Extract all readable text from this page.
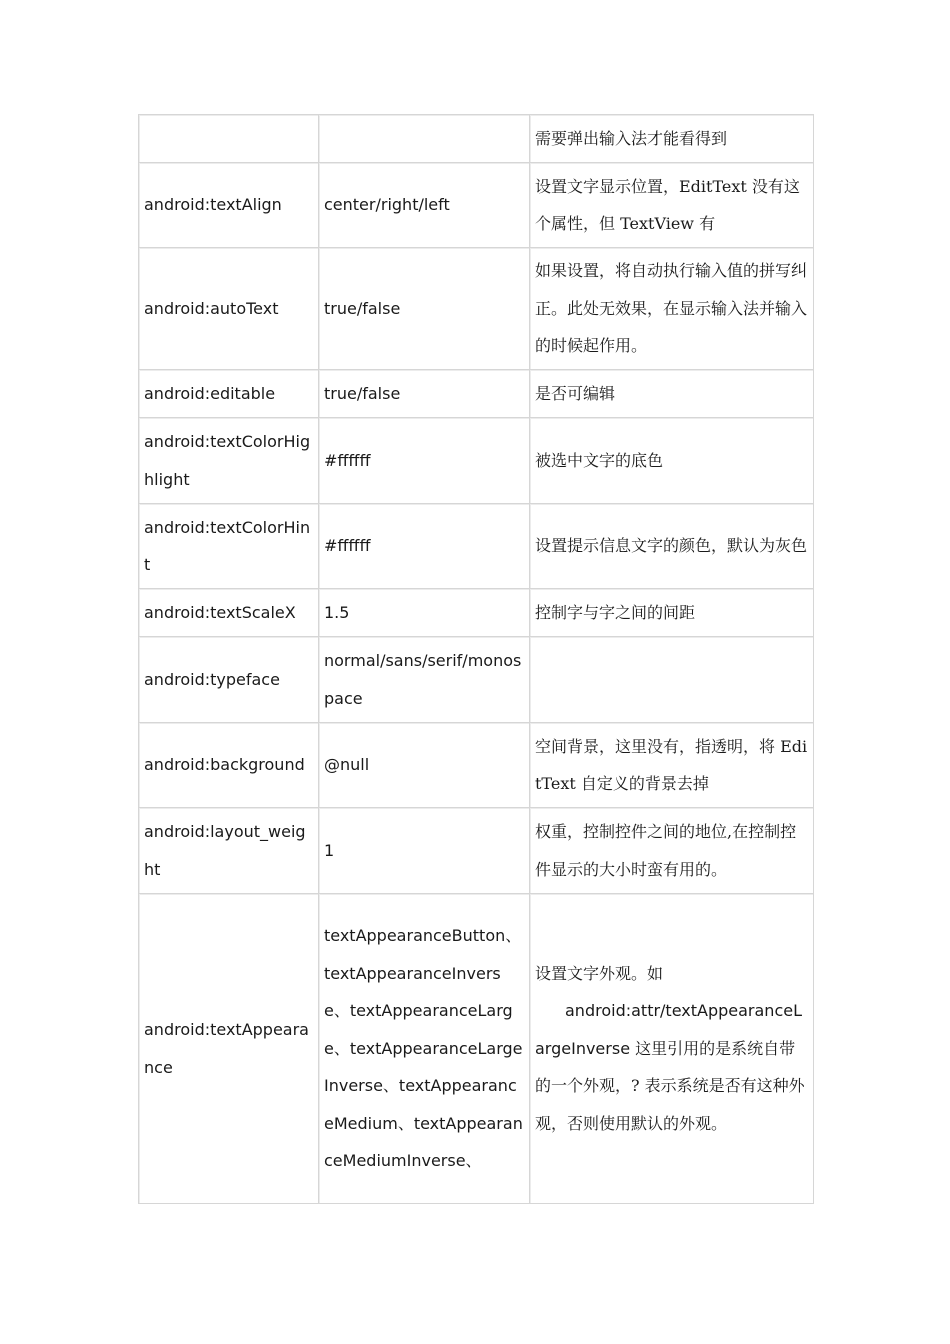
		需要弹出输入法才能看得到
android:textAlign	center/right/left	设置文字显示位置，EditText 没有这个属性，但 TextView 有
android:autoText	true/false	如果设置，将自动执行输入值的拼写纠正。此处无效果，在显示输入法并输入的时候起作用。
android:editable	true/false	是否可编辑
android:textColorHighlight	#ffffff	被选中文字的底色
android:textColorHint	#ffffff	设置提示信息文字的颜色，默认为灰色
android:textScaleX	1.5	控制字与字之间的间距
android:typeface	normal/sans/serif/monospace	
android:background	@null	空间背景，这里没有，指透明，将 EditText 自定义的背景去掉
android:layout_weight	1	权重，控制控件之间的地位,在控制控件显示的大小时蛮有用的。
android:textAppearance	textAppearanceButton、textAppearanceInverse、textAppearanceLarge、textAppearanceLargeInverse、textAppearanceMedium、textAppearanceMediumInverse、	设置文字外观。如
android:attr/textAppearanceLargeInverse 这里引用的是系统自带的一个外观，? 表示系统是否有这种外观，否则使用默认的外观。
